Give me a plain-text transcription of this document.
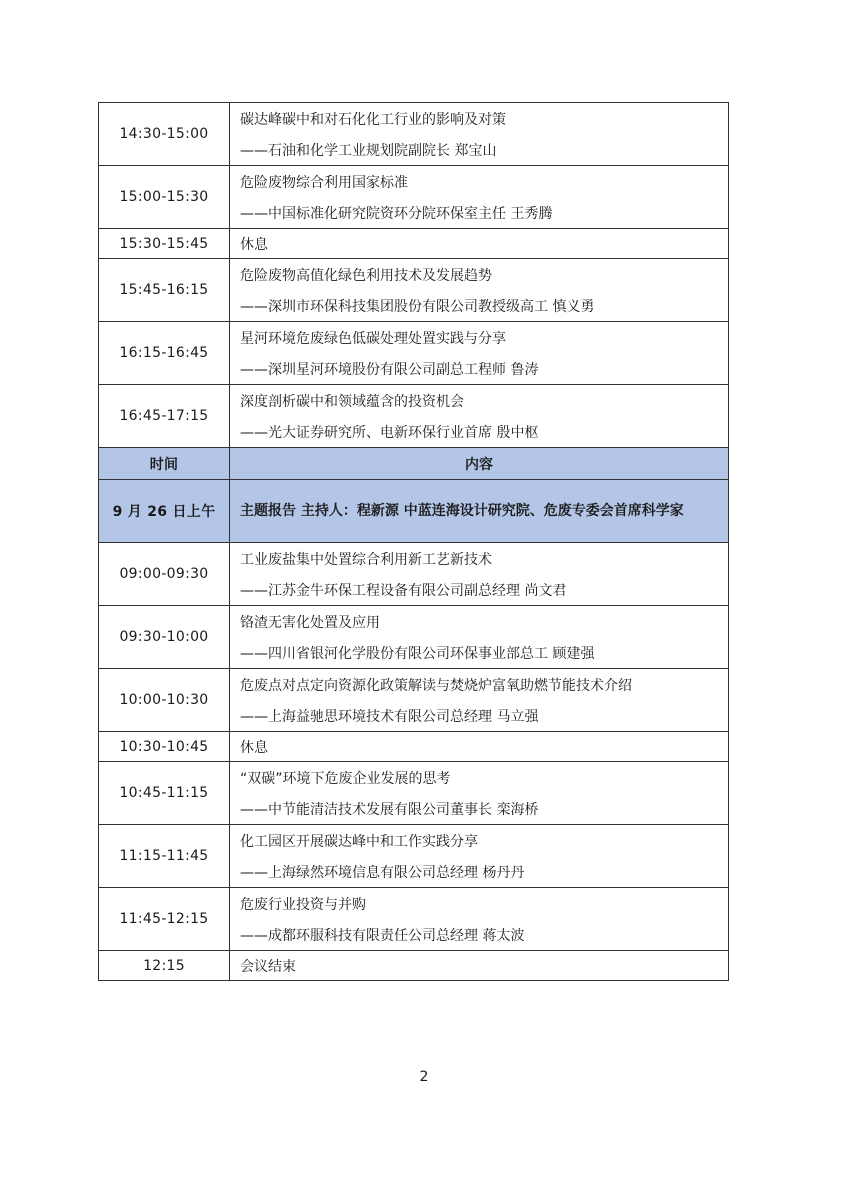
14:30-15:00	碳达峰碳中和对石化化工行业的影响及对策
——石油和化学工业规划院副院长 郑宝山

15:00-15:30	危险废物综合利用国家标准
——中国标准化研究院资环分院环保室主任 王秀腾

15:30-15:45	休息

15:45-16:15	危险废物高值化绿色利用技术及发展趋势
——深圳市环保科技集团股份有限公司教授级高工 慎义勇

16:15-16:45	星河环境危废绿色低碳处理处置实践与分享
——深圳星河环境股份有限公司副总工程师 鲁涛

16:45-17:15	深度剖析碳中和领域蕴含的投资机会
——光大证券研究所、电新环保行业首席 殷中枢

时间	内容
9 月 26 日上午	主题报告 主持人：程新源 中蓝连海设计研究院、危废专委会首席科学家

09:00-09:30	工业废盐集中处置综合利用新工艺新技术
——江苏金牛环保工程设备有限公司副总经理 尚文君

09:30-10:00	铬渣无害化处置及应用
——四川省银河化学股份有限公司环保事业部总工 顾建强

10:00-10:30	危废点对点定向资源化政策解读与焚烧炉富氧助燃节能技术介绍
——上海益驰思环境技术有限公司总经理 马立强

10:30-10:45	休息

10:45-11:15	“双碳”环境下危废企业发展的思考
——中节能清洁技术发展有限公司董事长 栾海桥

11:15-11:45	化工园区开展碳达峰中和工作实践分享
——上海绿然环境信息有限公司总经理 杨丹丹

11:45-12:15	危废行业投资与并购
——成都环服科技有限责任公司总经理 蒋太波

12:15	会议结束
2
